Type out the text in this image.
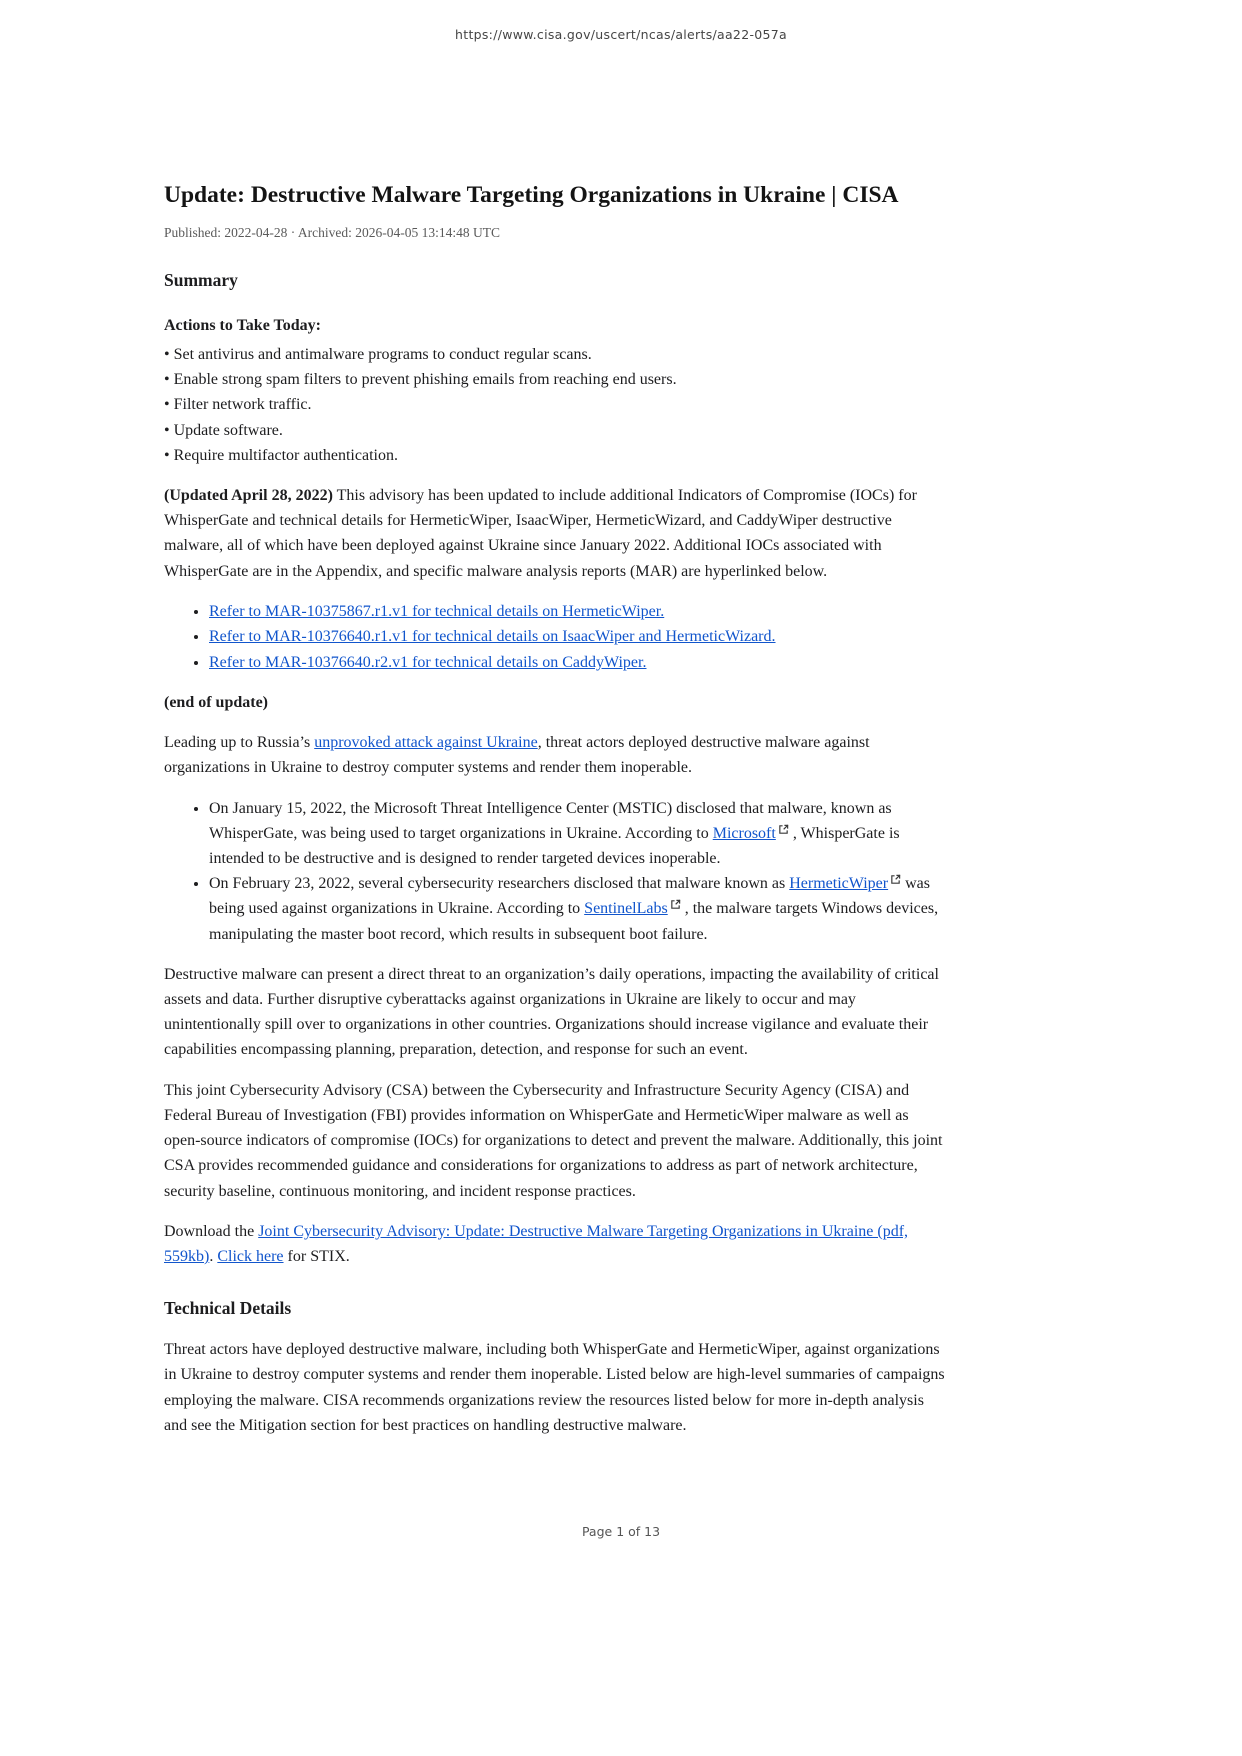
https://www.cisa.gov/uscert/ncas/alerts/aa22-057a
Update: Destructive Malware Targeting Organizations in Ukraine | CISA
Published: 2022-04-28 · Archived: 2026-04-05 13:14:48 UTC
Summary
Actions to Take Today:
• Set antivirus and antimalware programs to conduct regular scans.
• Enable strong spam filters to prevent phishing emails from reaching end users.
• Filter network traffic.
• Update software.
• Require multifactor authentication.

(Updated April 28, 2022) This advisory has been updated to include additional Indicators of Compromise (IOCs) for WhisperGate and technical details for HermeticWiper, IsaacWiper, HermeticWizard, and CaddyWiper destructive malware, all of which have been deployed against Ukraine since January 2022. Additional IOCs associated with WhisperGate are in the Appendix, and specific malware analysis reports (MAR) are hyperlinked below.

• Refer to MAR-10375867.r1.v1 for technical details on HermeticWiper.
• Refer to MAR-10376640.r1.v1 for technical details on IsaacWiper and HermeticWizard.
• Refer to MAR-10376640.r2.v1 for technical details on CaddyWiper.

(end of update)

Leading up to Russia’s unprovoked attack against Ukraine, threat actors deployed destructive malware against organizations in Ukraine to destroy computer systems and render them inoperable.

• On January 15, 2022, the Microsoft Threat Intelligence Center (MSTIC) disclosed that malware, known as WhisperGate, was being used to target organizations in Ukraine. According to Microsoft , WhisperGate is intended to be destructive and is designed to render targeted devices inoperable.
• On February 23, 2022, several cybersecurity researchers disclosed that malware known as HermeticWiper was being used against organizations in Ukraine. According to SentinelLabs , the malware targets Windows devices, manipulating the master boot record, which results in subsequent boot failure.

Destructive malware can present a direct threat to an organization’s daily operations, impacting the availability of critical assets and data. Further disruptive cyberattacks against organizations in Ukraine are likely to occur and may unintentionally spill over to organizations in other countries. Organizations should increase vigilance and evaluate their capabilities encompassing planning, preparation, detection, and response for such an event.

This joint Cybersecurity Advisory (CSA) between the Cybersecurity and Infrastructure Security Agency (CISA) and Federal Bureau of Investigation (FBI) provides information on WhisperGate and HermeticWiper malware as well as open-source indicators of compromise (IOCs) for organizations to detect and prevent the malware. Additionally, this joint CSA provides recommended guidance and considerations for organizations to address as part of network architecture, security baseline, continuous monitoring, and incident response practices.

Download the Joint Cybersecurity Advisory: Update: Destructive Malware Targeting Organizations in Ukraine (pdf, 559kb). Click here for STIX.

Technical Details

Threat actors have deployed destructive malware, including both WhisperGate and HermeticWiper, against organizations in Ukraine to destroy computer systems and render them inoperable. Listed below are high-level summaries of campaigns employing the malware. CISA recommends organizations review the resources listed below for more in-depth analysis and see the Mitigation section for best practices on handling destructive malware.

Page 1 of 13
